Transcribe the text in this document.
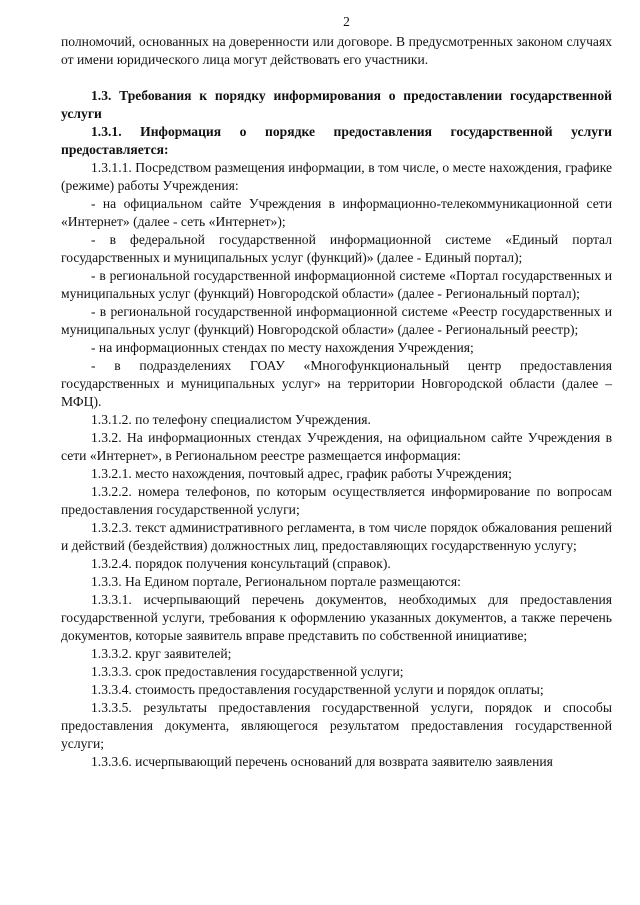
2

полномочий, основанных на доверенности или договоре. В предусмотренных законом случаях от имени юридического лица могут действовать его участники.

1.3. Требования к порядку информирования о предоставлении государственной услуги

1.3.1. Информация о порядке предоставления государственной услуги предоставляется:

1.3.1.1. Посредством размещения информации, в том числе, о месте нахождения, графике (режиме) работы Учреждения:

- на официальном сайте Учреждения в информационно-телекоммуникационной сети «Интернет» (далее - сеть «Интернет»);

- в федеральной государственной информационной системе «Единый портал государственных и муниципальных услуг (функций)» (далее - Единый портал);

- в региональной государственной информационной системе «Портал государственных и муниципальных услуг (функций) Новгородской области» (далее - Региональный портал);

- в региональной государственной информационной системе «Реестр государственных и муниципальных услуг (функций) Новгородской области» (далее - Региональный реестр);

- на информационных стендах по месту нахождения Учреждения;

- в подразделениях ГОАУ «Многофункциональный центр предоставления государственных и муниципальных услуг» на территории Новгородской области (далее – МФЦ).

1.3.1.2. по телефону специалистом Учреждения.

1.3.2. На информационных стендах Учреждения, на официальном сайте Учреждения в сети «Интернет», в Региональном реестре размещается информация:

1.3.2.1. место нахождения, почтовый адрес, график работы Учреждения;

1.3.2.2. номера телефонов, по которым осуществляется информирование по вопросам предоставления государственной услуги;

1.3.2.3. текст административного регламента, в том числе порядок обжалования решений и действий (бездействия) должностных лиц, предоставляющих государственную услугу;

1.3.2.4. порядок получения консультаций (справок).

1.3.3. На Едином портале, Региональном портале размещаются:

1.3.3.1. исчерпывающий перечень документов, необходимых для предоставления государственной услуги, требования к оформлению указанных документов, а также перечень документов, которые заявитель вправе представить по собственной инициативе;

1.3.3.2. круг заявителей;

1.3.3.3. срок предоставления государственной услуги;

1.3.3.4. стоимость предоставления государственной услуги и порядок оплаты;

1.3.3.5. результаты предоставления государственной услуги, порядок и способы предоставления документа, являющегося результатом предоставления государственной услуги;

1.3.3.6. исчерпывающий перечень оснований для возврата заявителю заявления
